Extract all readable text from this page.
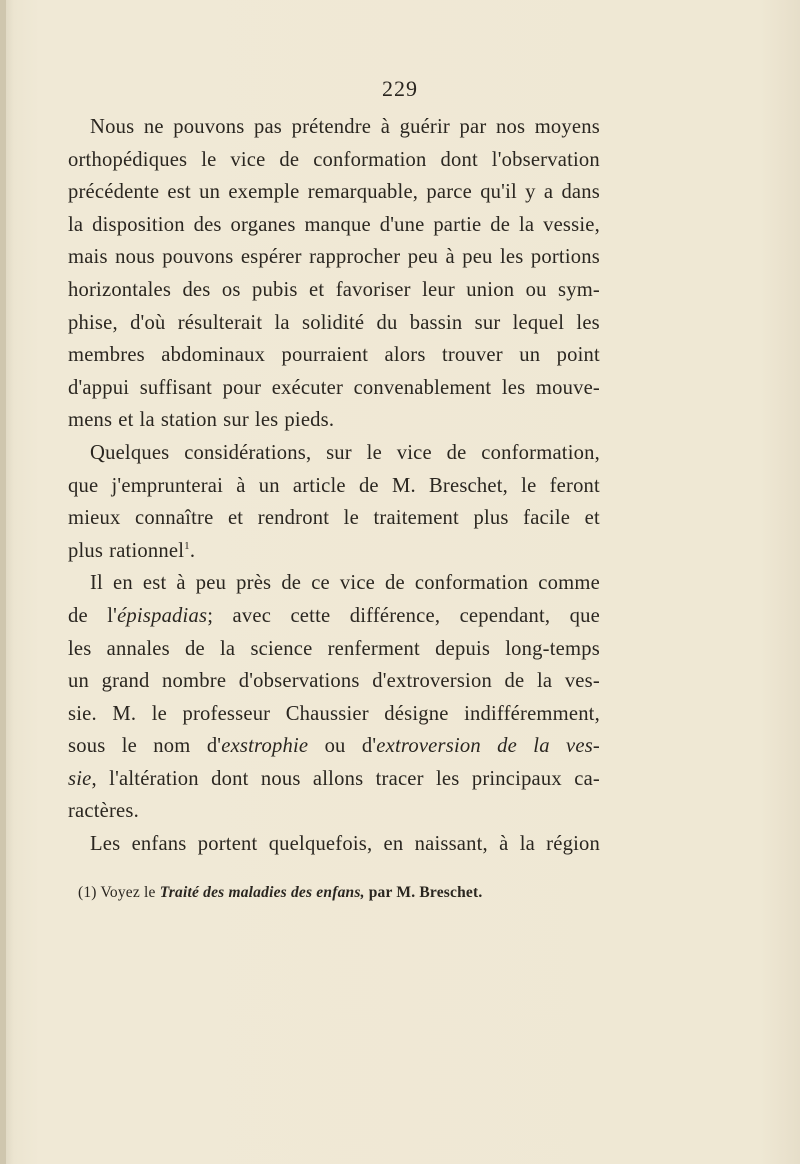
229
Nous ne pouvons pas prétendre à guérir par nos moyens
orthopédiques le vice de conformation dont l'observation
précédente est un exemple remarquable, parce qu'il y a dans
la disposition des organes manque d'une partie de la vessie,
mais nous pouvons espérer rapprocher peu à peu les portions
horizontales des os pubis et favoriser leur union ou sym-
phise, d'où résulterait la solidité du bassin sur lequel les
membres abdominaux pourraient alors trouver un point
d'appui suffisant pour exécuter convenablement les mouve-
mens et la station sur les pieds.
Quelques considérations, sur le vice de conformation,
que j'emprunterai à un article de M. Breschet, le feront
mieux connaître et rendront le traitement plus facile et
plus rationnel$^1$.
Il en est à peu près de ce vice de conformation comme
de l'épispadias; avec cette différence, cependant, que
les annales de la science renferment depuis long-temps
un grand nombre d'observations d'extroversion de la ves-
sie. M. le professeur Chaussier désigne indifféremment,
sous le nom d'exstrophie ou d'extroversion de la ves-
sie, l'altération dont nous allons tracer les principaux ca-
ractères.
Les enfans portent quelquefois, en naissant, à la région
(1) Voyez le Traité des maladies des enfans, par M. Breschet.
